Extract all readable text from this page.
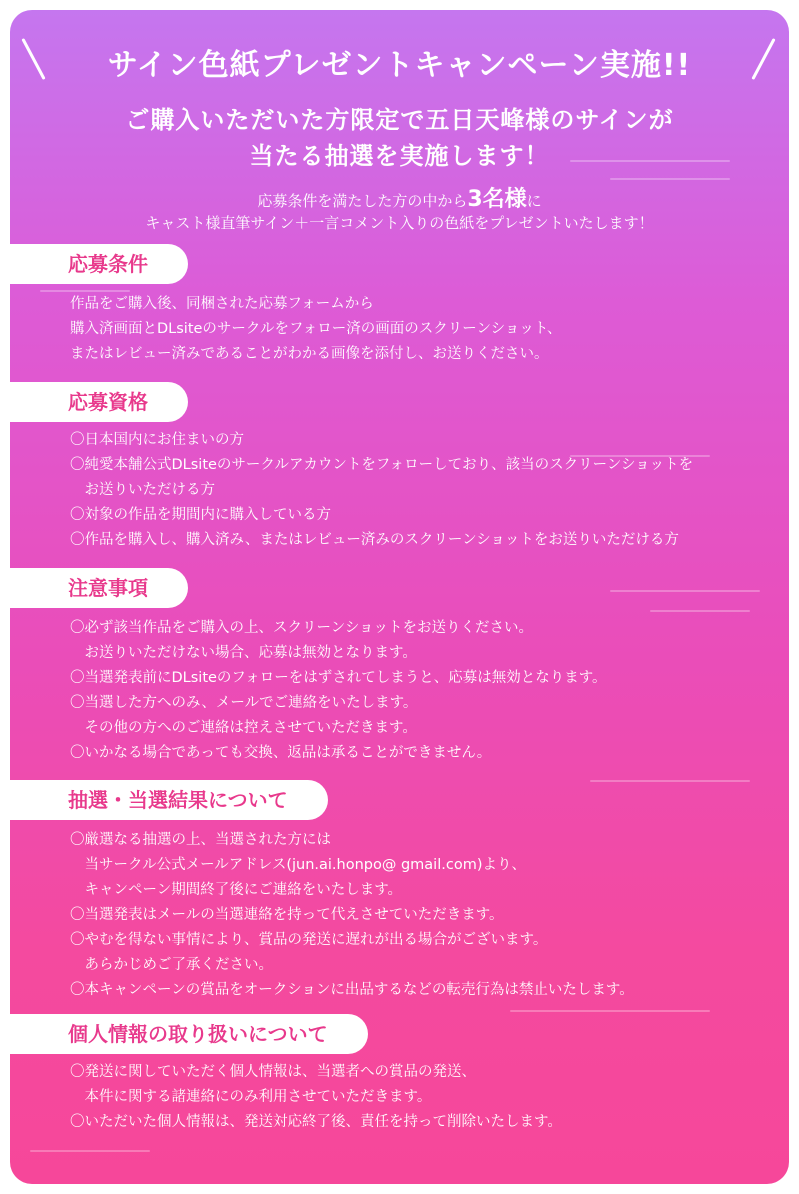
サイン色紙プレゼントキャンペーン実施!!
ご購入いただいた方限定で五日天峰様のサインが
当たる抽選を実施します！
応募条件を満たした方の中から3名様に
キャスト様直筆サイン＋一言コメント入りの色紙をプレゼントいたします！
応募条件
作品をご購入後、同梱された応募フォームから
購入済画面とDLsiteのサークルをフォロー済の画面のスクリーンショット、
またはレビュー済みであることがわかる画像を添付し、お送りください。
応募資格
〇日本国内にお住まいの方
〇純愛本舗公式DLsiteのサークルアカウントをフォローしており、該当のスクリーンショットを
　お送りいただける方
〇対象の作品を期間内に購入している方
〇作品を購入し、購入済み、またはレビュー済みのスクリーンショットをお送りいただける方
注意事項
〇必ず該当作品をご購入の上、スクリーンショットをお送りください。
　お送りいただけない場合、応募は無効となります。
〇当選発表前にDLsiteのフォローをはずされてしまうと、応募は無効となります。
〇当選した方へのみ、メールでご連絡をいたします。
　その他の方へのご連絡は控えさせていただきます。
〇いかなる場合であっても交換、返品は承ることができません。
抽選・当選結果について
〇厳選なる抽選の上、当選された方には
　当サークル公式メールアドレス(jun.ai.honpo@ gmail.com)より、
　キャンペーン期間終了後にご連絡をいたします。
〇当選発表はメールの当選連絡を持って代えさせていただきます。
〇やむを得ない事情により、賞品の発送に遅れが出る場合がございます。
　あらかじめご了承ください。
〇本キャンペーンの賞品をオークションに出品するなどの転売行為は禁止いたします。
個人情報の取り扱いについて
〇発送に関していただく個人情報は、当選者への賞品の発送、
　本件に関する諸連絡にのみ利用させていただきます。
〇いただいた個人情報は、発送対応終了後、責任を持って削除いたします。
